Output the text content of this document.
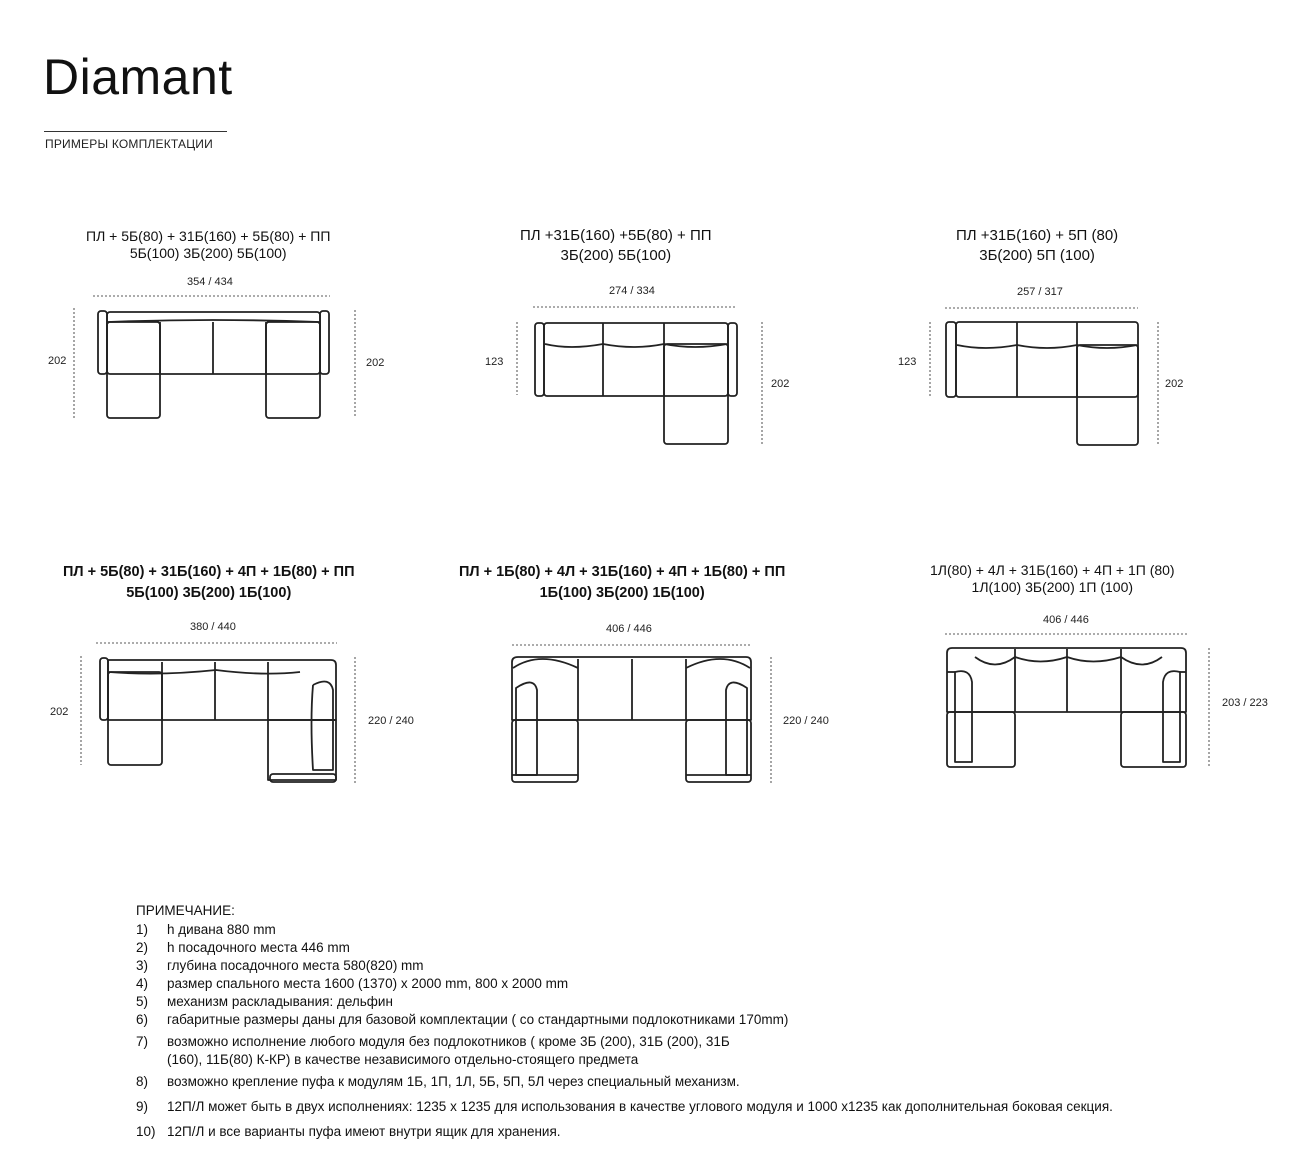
Diamant
ПРИМЕРЫ КОМПЛЕКТАЦИИ
ПЛ + 5Б(80) + 31Б(160) + 5Б(80) + ПП
5Б(100) 3Б(200) 5Б(100)
ПЛ +31Б(160) +5Б(80) + ПП
3Б(200) 5Б(100)
ПЛ +31Б(160) + 5П (80)
3Б(200) 5П (100)
ПЛ + 5Б(80) + 31Б(160) + 4П + 1Б(80) + ПП
5Б(100) 3Б(200) 1Б(100)
ПЛ + 1Б(80) + 4Л + 31Б(160) + 4П + 1Б(80) + ПП
1Б(100) 3Б(200) 1Б(100)
1Л(80) + 4Л + 31Б(160) + 4П + 1П (80)
1Л(100) 3Б(200) 1П (100)
354 / 434
202	202
274 / 334
123
202
257 / 317
123
202
380 / 440
202
220 / 240
406 / 446
220 / 240
406 / 446
203 / 223
ПРИМЕЧАНИЕ:
1)	h дивана 880 mm
2)	h посадочного места 446 mm
3)	глубина посадочного места 580(820) mm
4)	размер спального места 1600 (1370) x 2000 mm, 800 x 2000 mm
5)	механизм раскладывания: дельфин
6)	габаритные размеры даны для базовой комплектации ( со стандартными подлокотниками 170mm)
7)	возможно исполнение любого модуля без подлокотников ( кроме 3Б (200), 31Б (200), 31Б
(160), 11Б(80) К-КР) в качестве независимого отдельно-стоящего предмета
8)	возможно крепление пуфа к модулям 1Б, 1П, 1Л, 5Б, 5П, 5Л через специальный механизм.
9)	12П/Л может быть в двух исполнениях: 1235 x 1235 для использования в качестве углового модуля и 1000 x1235 как дополнительная боковая секция.
10) 12П/Л и все варианты пуфа имеют внутри ящик для хранения.
